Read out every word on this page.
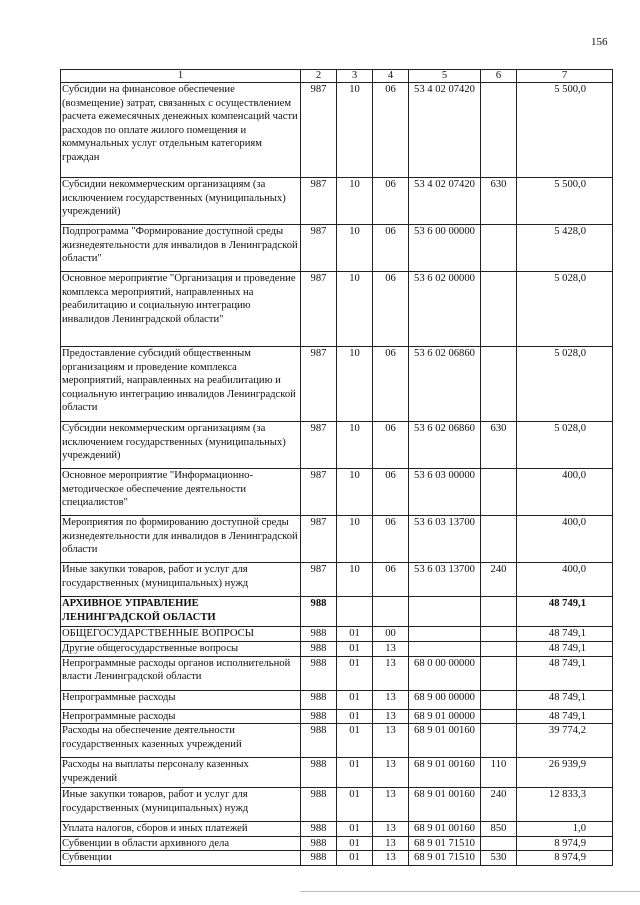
156
1	2	3	4	5	6	7
Субсидии на финансовое обеспечение (возмещение) затрат, связанных с осуществлением расчета ежемесячных денежных компенсаций части расходов по оплате жилого помещения и коммунальных услуг отдельным категориям граждан	987	10	06	53 4 02 07420		5 500,0
Субсидии некоммерческим организациям (за исключением государственных (муниципальных) учреждений)	987	10	06	53 4 02 07420	630	5 500,0
Подпрограмма "Формирование доступной среды жизнедеятельности для инвалидов в Ленинградской области"	987	10	06	53 6 00 00000		5 428,0
Основное мероприятие "Организация и проведение комплекса мероприятий, направленных на реабилитацию и социальную интеграцию инвалидов Ленинградской области"	987	10	06	53 6 02 00000		5 028,0
Предоставление субсидий общественным организациям и проведение комплекса мероприятий, направленных на реабилитацию и социальную интеграцию инвалидов Ленинградской области	987	10	06	53 6 02 06860		5 028,0
Субсидии некоммерческим организациям (за исключением государственных (муниципальных) учреждений)	987	10	06	53 6 02 06860	630	5 028,0
Основное мероприятие "Информационно-методическое обеспечение деятельности специалистов"	987	10	06	53 6 03 00000		400,0
Мероприятия по формированию доступной среды жизнедеятельности для инвалидов в Ленинградской области	987	10	06	53 6 03 13700		400,0
Иные закупки товаров, работ и услуг для государственных (муниципальных) нужд	987	10	06	53 6 03 13700	240	400,0
АРХИВНОЕ УПРАВЛЕНИЕ ЛЕНИНГРАДСКОЙ ОБЛАСТИ	988					48 749,1
ОБЩЕГОСУДАРСТВЕННЫЕ ВОПРОСЫ	988	01	00			48 749,1
Другие общегосударственные вопросы	988	01	13			48 749,1
Непрограммные расходы органов исполнительной власти Ленинградской области	988	01	13	68 0 00 00000		48 749,1
Непрограммные расходы	988	01	13	68 9 00 00000		48 749,1
Непрограммные расходы	988	01	13	68 9 01 00000		48 749,1
Расходы на обеспечение деятельности государственных казенных учреждений	988	01	13	68 9 01 00160		39 774,2
Расходы на выплаты персоналу казенных учреждений	988	01	13	68 9 01 00160	110	26 939,9
Иные закупки товаров, работ и услуг для государственных (муниципальных) нужд	988	01	13	68 9 01 00160	240	12 833,3
Уплата налогов, сборов и иных платежей	988	01	13	68 9 01 00160	850	1,0
Субвенции в области архивного дела	988	01	13	68 9 01 71510		8 974,9
Субвенции	988	01	13	68 9 01 71510	530	8 974,9
